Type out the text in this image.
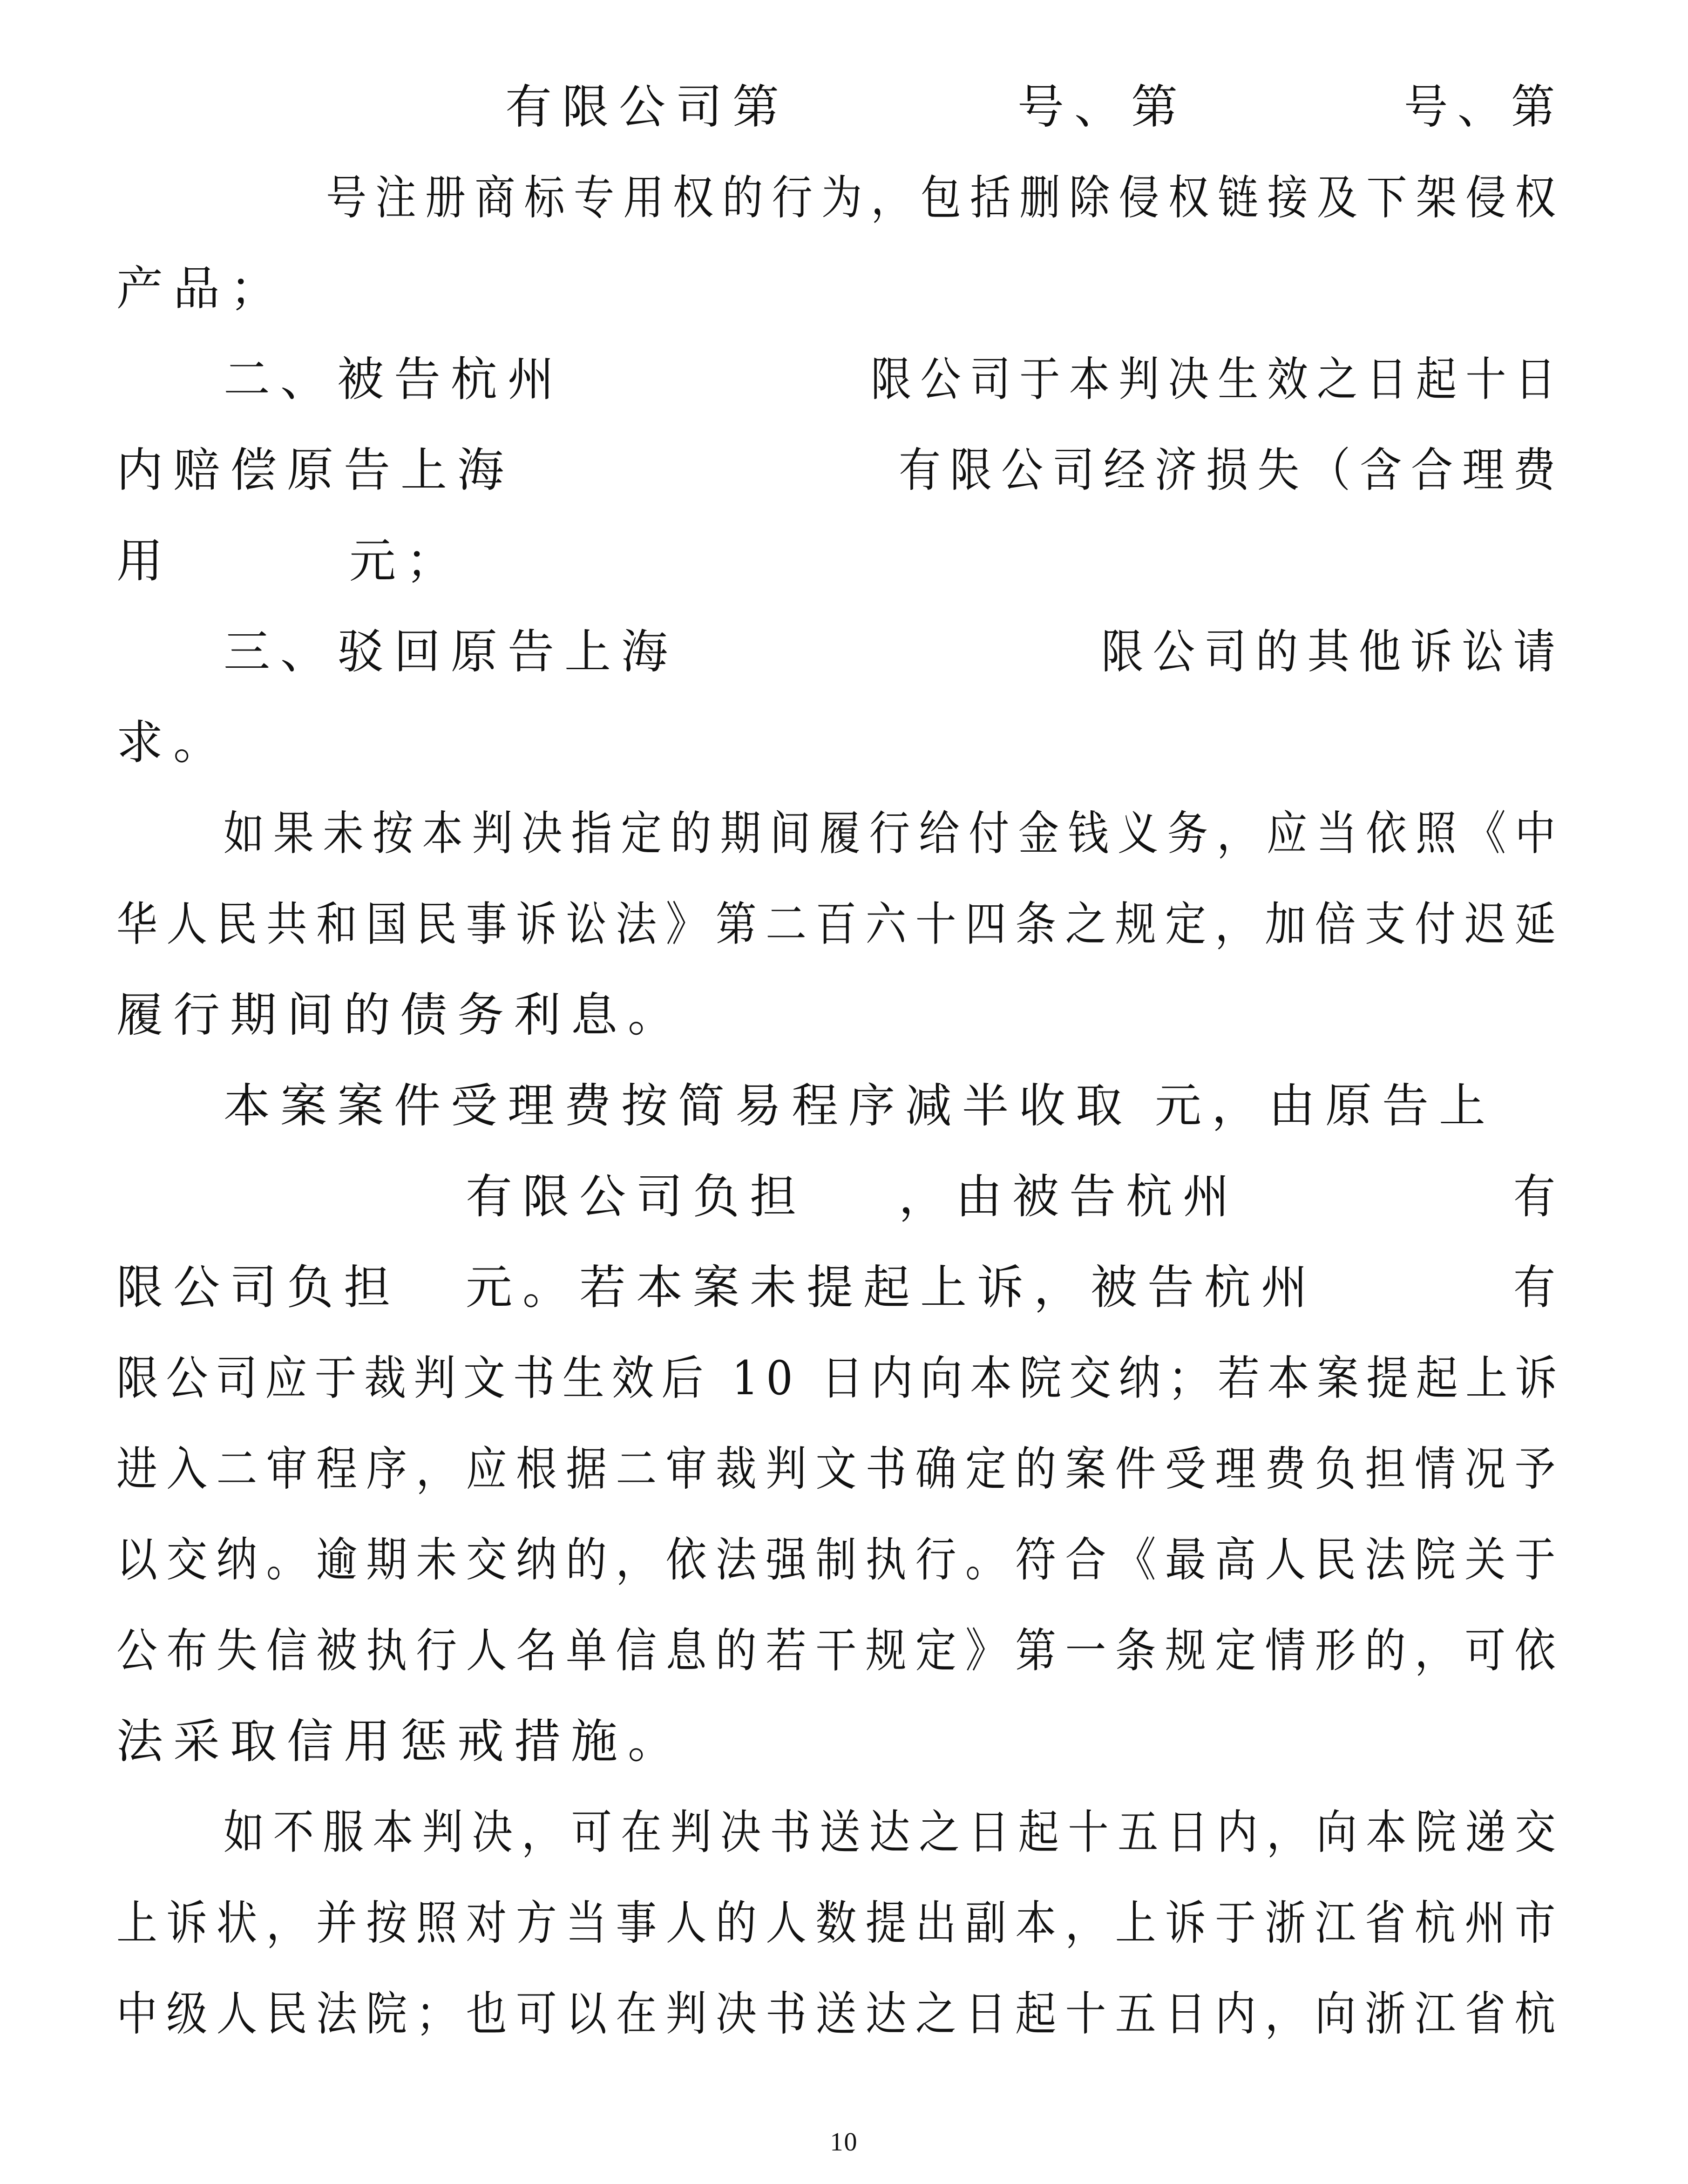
有限公司第	号、第	号、第
号注册商标专用权的行为，包括删除侵权链接及下架侵权
产品；
二、被告杭州	限公司于本判决生效之日起十日
内赔偿原告上海	有限公司经济损失（含合理费
用	元；
三、驳回原告上海	限公司的其他诉讼请
求。
如果未按本判决指定的期间履行给付金钱义务，应当依照《中
华人民共和国民事诉讼法》第二百六十四条之规定，加倍支付迟延
履行期间的债务利息。
本案案件受理费按简易程序减半收取 元，由原告上
有限公司负担 ，由被告杭州	有
限公司负担 元。若本案未提起上诉，被告杭州	有
限公司应于裁判文书生效后 10 日内向本院交纳；若本案提起上诉
进入二审程序，应根据二审裁判文书确定的案件受理费负担情况予
以交纳。逾期未交纳的，依法强制执行。符合《最高人民法院关于
公布失信被执行人名单信息的若干规定》第一条规定情形的，可依
法采取信用惩戒措施。
如不服本判决，可在判决书送达之日起十五日内，向本院递交
上诉状，并按照对方当事人的人数提出副本，上诉于浙江省杭州市
中级人民法院；也可以在判决书送达之日起十五日内，向浙江省杭
10
